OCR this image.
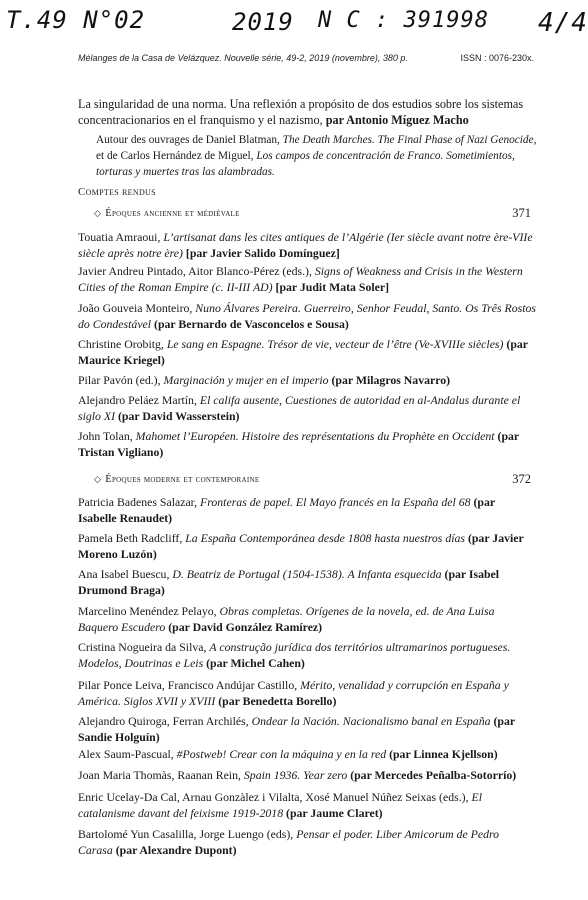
T.49 N°02	2019 N C : 391998 4/4
Mélanges de la Casa de Velázquez. Nouvelle série, 49-2, 2019 (novembre), 380 p.	ISSN : 0076-230x.
La singularidad de una norma. Una reflexión a propósito de dos estudios sobre los sistemas concentracionarios en el franquismo y el nazismo, par Antonio Míguez Macho
Autour des ouvrages de Daniel Blatman, The Death Marches. The Final Phase of Nazi Genocide, et de Carlos Hernández de Miguel, Los campos de concentración de Franco. Sometimientos, torturas y muertes tras las alambradas.
Comptes rendus
◇ Époques ancienne et médiévale	371
Touatia Amraoui, L’artisanat dans les cites antiques de l’Algérie (Ier siècle avant notre ère-VIIe siècle après notre ère) [par Javier Salido Domínguez]
Javier Andreu Pintado, Aitor Blanco-Pérez (eds.), Signs of Weakness and Crisis in the Western Cities of the Roman Empire (c. II-III AD) [par Judit Mata Soler]
João Gouveia Monteiro, Nuno Álvares Pereira. Guerreiro, Senhor Feudal, Santo. Os Três Rostos do Condestável (par Bernardo de Vasconcelos e Sousa)
Christine Orobitg, Le sang en Espagne. Trésor de vie, vecteur de l’être (Ve-XVIIIe siècles) (par Maurice Kriegel)
Pilar Pavón (ed.), Marginación y mujer en el imperio (par Milagros Navarro)
Alejandro Peláez Martín, El califa ausente, Cuestiones de autoridad en al-Andalus durante el siglo XI (par David Wasserstein)
John Tolan, Mahomet l’Européen. Histoire des représentations du Prophète en Occident (par Tristan Vigliano)
◇ Époques moderne et contemporaine	372
Patricia Badenes Salazar, Fronteras de papel. El Mayo francés en la España del 68 (par Isabelle Renaudet)
Pamela Beth Radcliff, La España Contemporánea desde 1808 hasta nuestros días (par Javier Moreno Luzón)
Ana Isabel Buescu, D. Beatriz de Portugal (1504-1538). A Infanta esquecida (par Isabel Drumond Braga)
Marcelino Menéndez Pelayo, Obras completas. Orígenes de la novela, ed. de Ana Luisa Baquero Escudero (par David González Ramírez)
Cristina Nogueira da Silva, A construção jurídica dos territórios ultramarinos portugueses. Modelos, Doutrinas e Leis (par Michel Cahen)
Pilar Ponce Leiva, Francisco Andújar Castillo, Mérito, venalidad y corrupción en España y América. Siglos XVII y XVIII (par Benedetta Borello)
Alejandro Quiroga, Ferran Archilés, Ondear la Nación. Nacionalismo banal en España (par Sandie Holguín)
Alex Saum-Pascual, #Postweb! Crear con la máquina y en la red (par Linnea Kjellson)
Joan Maria Thomàs, Raanan Rein, Spain 1936. Year zero (par Mercedes Peñalba-Sotorrío)
Enric Ucelay-Da Cal, Arnau Gonzàlez i Vilalta, Xosé Manuel Núñez Seixas (eds.), El catalanisme davant del feixisme 1919-2018 (par Jaume Claret)
Bartolomé Yun Casalilla, Jorge Luengo (eds), Pensar el poder. Liber Amicorum de Pedro Carasa (par Alexandre Dupont)
